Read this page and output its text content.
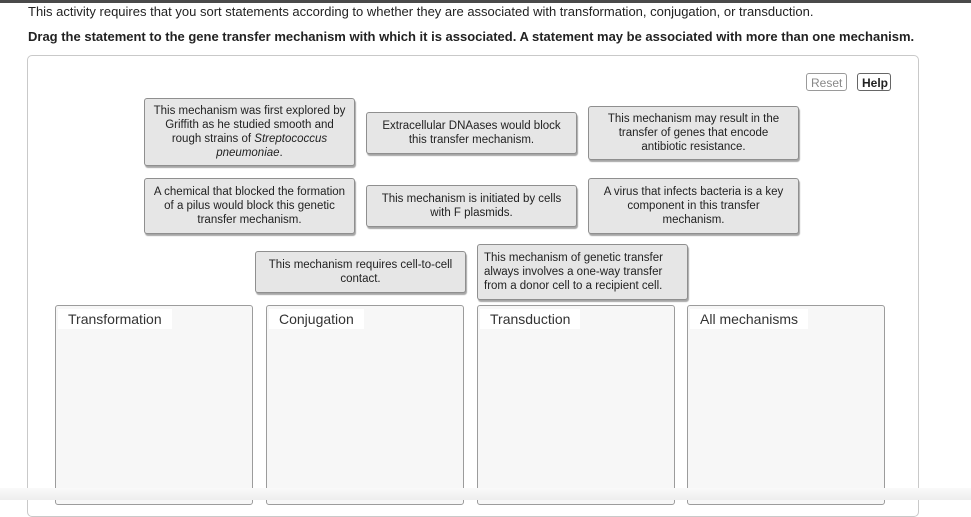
This activity requires that you sort statements according to whether they are associated with transformation, conjugation, or transduction.
Drag the statement to the gene transfer mechanism with which it is associated. A statement may be associated with more than one mechanism.
Reset	Help
This mechanism was first explored by Griffith as he studied smooth and rough strains of Streptococcus pneumoniae.
Extracellular DNAases would block this transfer mechanism.
This mechanism may result in the transfer of genes that encode antibiotic resistance.
A chemical that blocked the formation of a pilus would block this genetic transfer mechanism.
This mechanism is initiated by cells with F plasmids.
A virus that infects bacteria is a key component in this transfer mechanism.
This mechanism requires cell-to-cell contact.
This mechanism of genetic transfer always involves a one-way transfer from a donor cell to a recipient cell.
Transformation	Conjugation	Transduction	All mechanisms
